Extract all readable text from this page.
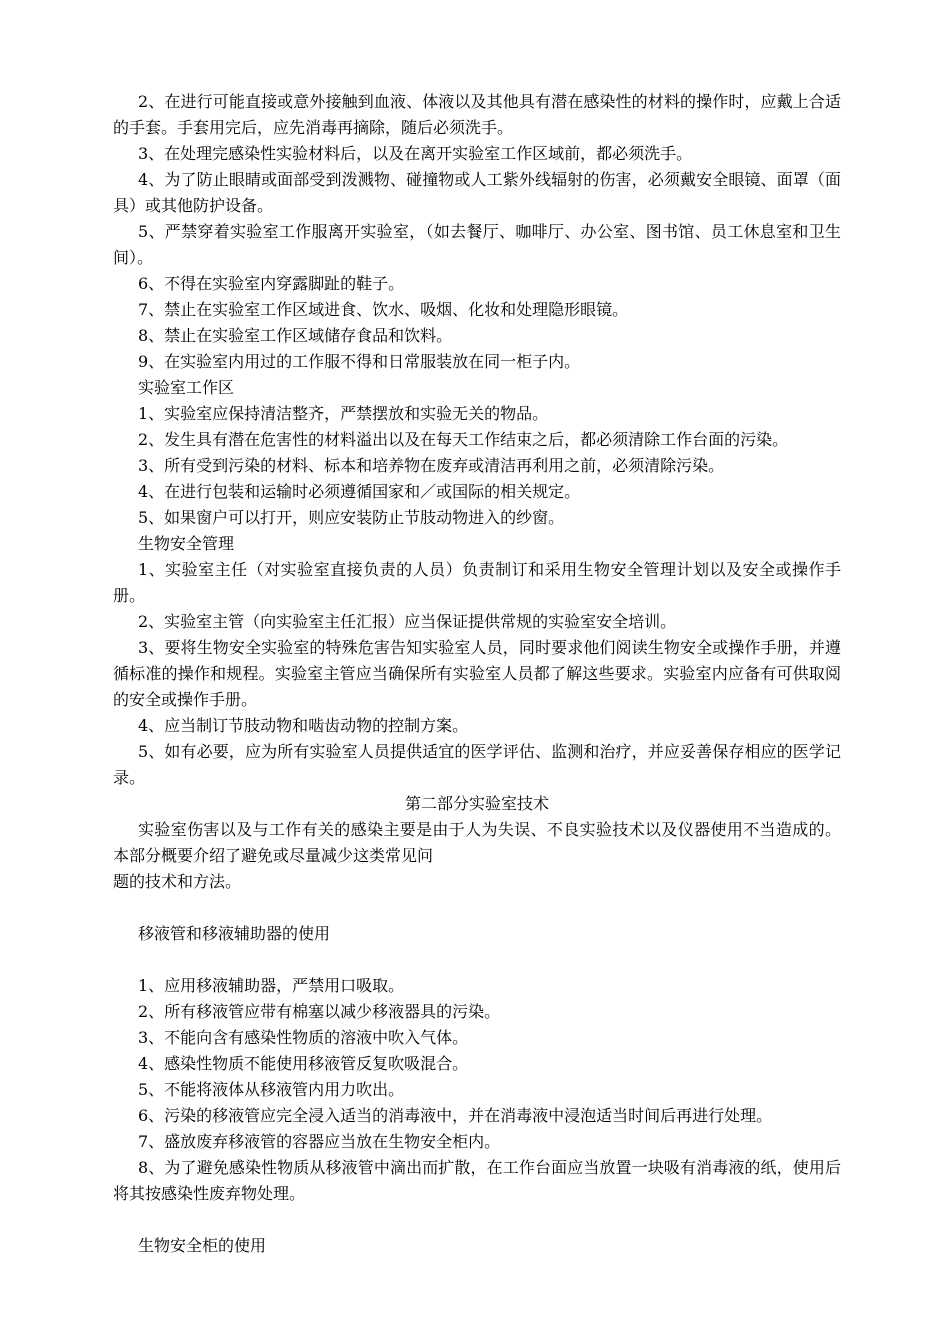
2、在进行可能直接或意外接触到血液、体液以及其他具有潜在感染性的材料的操作时，应戴上合适的手套。手套用完后，应先消毒再摘除，随后必须洗手。

3、在处理完感染性实验材料后，以及在离开实验室工作区域前，都必须洗手。

4、为了防止眼睛或面部受到泼溅物、碰撞物或人工紫外线辐射的伤害，必须戴安全眼镜、面罩（面具）或其他防护设备。

5、严禁穿着实验室工作服离开实验室，（如去餐厅、咖啡厅、办公室、图书馆、员工休息室和卫生间）。

6、不得在实验室内穿露脚趾的鞋子。

7、禁止在实验室工作区域进食、饮水、吸烟、化妆和处理隐形眼镜。

8、禁止在实验室工作区域储存食品和饮料。

9、在实验室内用过的工作服不得和日常服装放在同一柜子内。

实验室工作区

1、实验室应保持清洁整齐，严禁摆放和实验无关的物品。

2、发生具有潜在危害性的材料溢出以及在每天工作结束之后，都必须清除工作台面的污染。

3、所有受到污染的材料、标本和培养物在废弃或清洁再利用之前，必须清除污染。

4、在进行包装和运输时必须遵循国家和／或国际的相关规定。

5、如果窗户可以打开，则应安装防止节肢动物进入的纱窗。

生物安全管理

1、实验室主任（对实验室直接负责的人员）负责制订和采用生物安全管理计划以及安全或操作手册。

2、实验室主管（向实验室主任汇报）应当保证提供常规的实验室安全培训。

3、要将生物安全实验室的特殊危害告知实验室人员，同时要求他们阅读生物安全或操作手册，并遵循标准的操作和规程。实验室主管应当确保所有实验室人员都了解这些要求。实验室内应备有可供取阅的安全或操作手册。

4、应当制订节肢动物和啮齿动物的控制方案。

5、如有必要，应为所有实验室人员提供适宜的医学评估、监测和治疗，并应妥善保存相应的医学记录。

第二部分实验室技术

实验室伤害以及与工作有关的感染主要是由于人为失误、不良实验技术以及仪器使用不当造成的。本部分概要介绍了避免或尽量减少这类常见问

题的技术和方法。

移液管和移液辅助器的使用

1、应用移液辅助器，严禁用口吸取。

2、所有移液管应带有棉塞以减少移液器具的污染。

3、不能向含有感染性物质的溶液中吹入气体。

4、感染性物质不能使用移液管反复吹吸混合。

5、不能将液体从移液管内用力吹出。

6、污染的移液管应完全浸入适当的消毒液中，并在消毒液中浸泡适当时间后再进行处理。

7、盛放废弃移液管的容器应当放在生物安全柜内。

8、为了避免感染性物质从移液管中滴出而扩散，在工作台面应当放置一块吸有消毒液的纸，使用后将其按感染性废弃物处理。

生物安全柜的使用
